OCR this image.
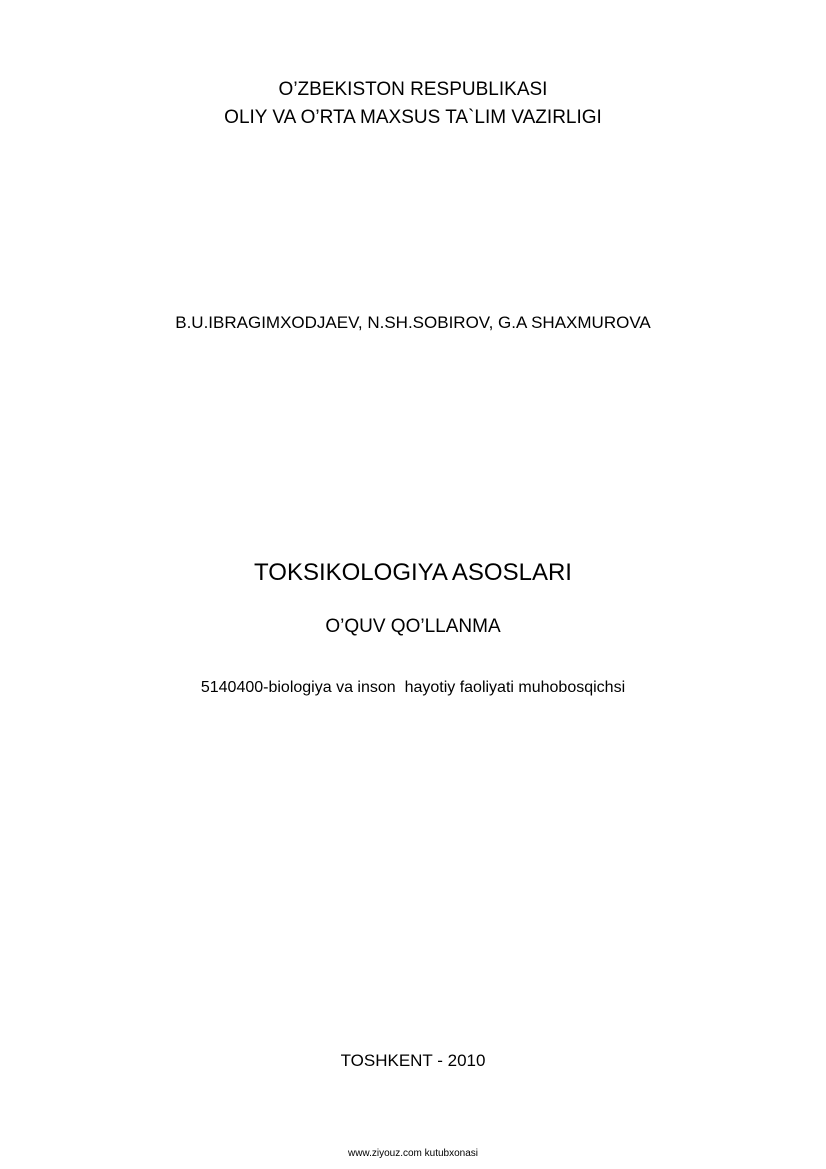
O’ZBEKISTON RESPUBLIKASI
OLIY VA O’RTA MAXSUS TA`LIM VAZIRLIGI
B.U.IBRAGIMXODJAEV, N.SH.SOBIROV, G.A SHAXMUROVA
TOKSIKOLOGIYA ASOSLARI
O’QUV QO’LLANMA
5140400-biologiya va inson  hayotiy faoliyati muhobosqichsi
TOSHKENT - 2010
www.ziyouz.com kutubxonasi
